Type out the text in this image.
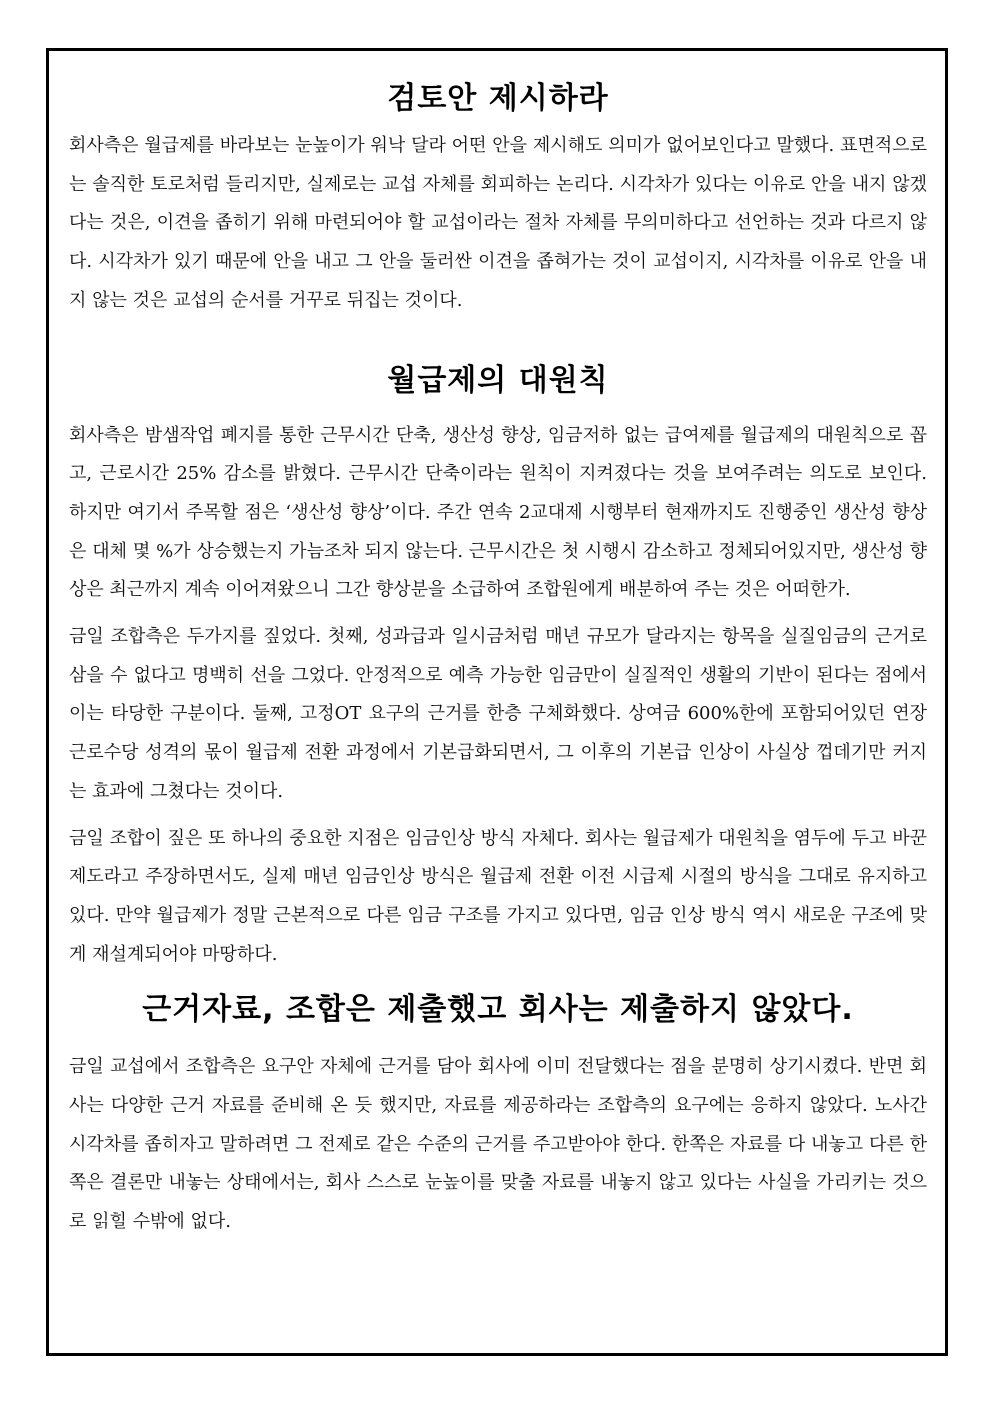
검토안 제시하라

회사측은 월급제를 바라보는 눈높이가 워낙 달라 어떤 안을 제시해도 의미가 없어보인다고 말했다. 표면적으로는 솔직한 토로처럼 들리지만, 실제로는 교섭 자체를 회피하는 논리다. 시각차가 있다는 이유로 안을 내지 않겠다는 것은, 이견을 좁히기 위해 마련되어야 할 교섭이라는 절차 자체를 무의미하다고 선언하는 것과 다르지 않다. 시각차가 있기 때문에 안을 내고 그 안을 둘러싼 이견을 좁혀가는 것이 교섭이지, 시각차를 이유로 안을 내지 않는 것은 교섭의 순서를 거꾸로 뒤집는 것이다.

월급제의 대원칙

회사측은 밤샘작업 폐지를 통한 근무시간 단축, 생산성 향상, 임금저하 없는 급여제를 월급제의 대원칙으로 꼽고, 근로시간 25% 감소를 밝혔다. 근무시간 단축이라는 원칙이 지켜졌다는 것을 보여주려는 의도로 보인다. 하지만 여기서 주목할 점은 ‘생산성 향상’이다. 주간 연속 2교대제 시행부터 현재까지도 진행중인 생산성 향상은 대체 몇 %가 상승했는지 가늠조차 되지 않는다. 근무시간은 첫 시행시 감소하고 정체되어있지만, 생산성 향상은 최근까지 계속 이어져왔으니 그간 향상분을 소급하여 조합원에게 배분하여 주는 것은 어떠한가.

금일 조합측은 두가지를 짚었다. 첫째, 성과급과 일시금처럼 매년 규모가 달라지는 항목을 실질임금의 근거로 삼을 수 없다고 명백히 선을 그었다. 안정적으로 예측 가능한 임금만이 실질적인 생활의 기반이 된다는 점에서 이는 타당한 구분이다. 둘째, 고정OT 요구의 근거를 한층 구체화했다. 상여금 600%한에 포함되어있던 연장근로수당 성격의 몫이 월급제 전환 과정에서 기본급화되면서, 그 이후의 기본급 인상이 사실상 껍데기만 커지는 효과에 그쳤다는 것이다.

금일 조합이 짚은 또 하나의 중요한 지점은 임금인상 방식 자체다. 회사는 월급제가 대원칙을 염두에 두고 바꾼제도라고 주장하면서도, 실제 매년 임금인상 방식은 월급제 전환 이전 시급제 시절의 방식을 그대로 유지하고 있다. 만약 월급제가 정말 근본적으로 다른 임금 구조를 가지고 있다면, 임금 인상 방식 역시 새로운 구조에 맞게 재설계되어야 마땅하다.

근거자료, 조합은 제출했고 회사는 제출하지 않았다.

금일 교섭에서 조합측은 요구안 자체에 근거를 담아 회사에 이미 전달했다는 점을 분명히 상기시켰다. 반면 회사는 다양한 근거 자료를 준비해 온 듯 했지만, 자료를 제공하라는 조합측의 요구에는 응하지 않았다. 노사간 시각차를 좁히자고 말하려면 그 전제로 같은 수준의 근거를 주고받아야 한다. 한쪽은 자료를 다 내놓고 다른 한쪽은 결론만 내놓는 상태에서는, 회사 스스로 눈높이를 맞출 자료를 내놓지 않고 있다는 사실을 가리키는 것으로 읽힐 수밖에 없다.
